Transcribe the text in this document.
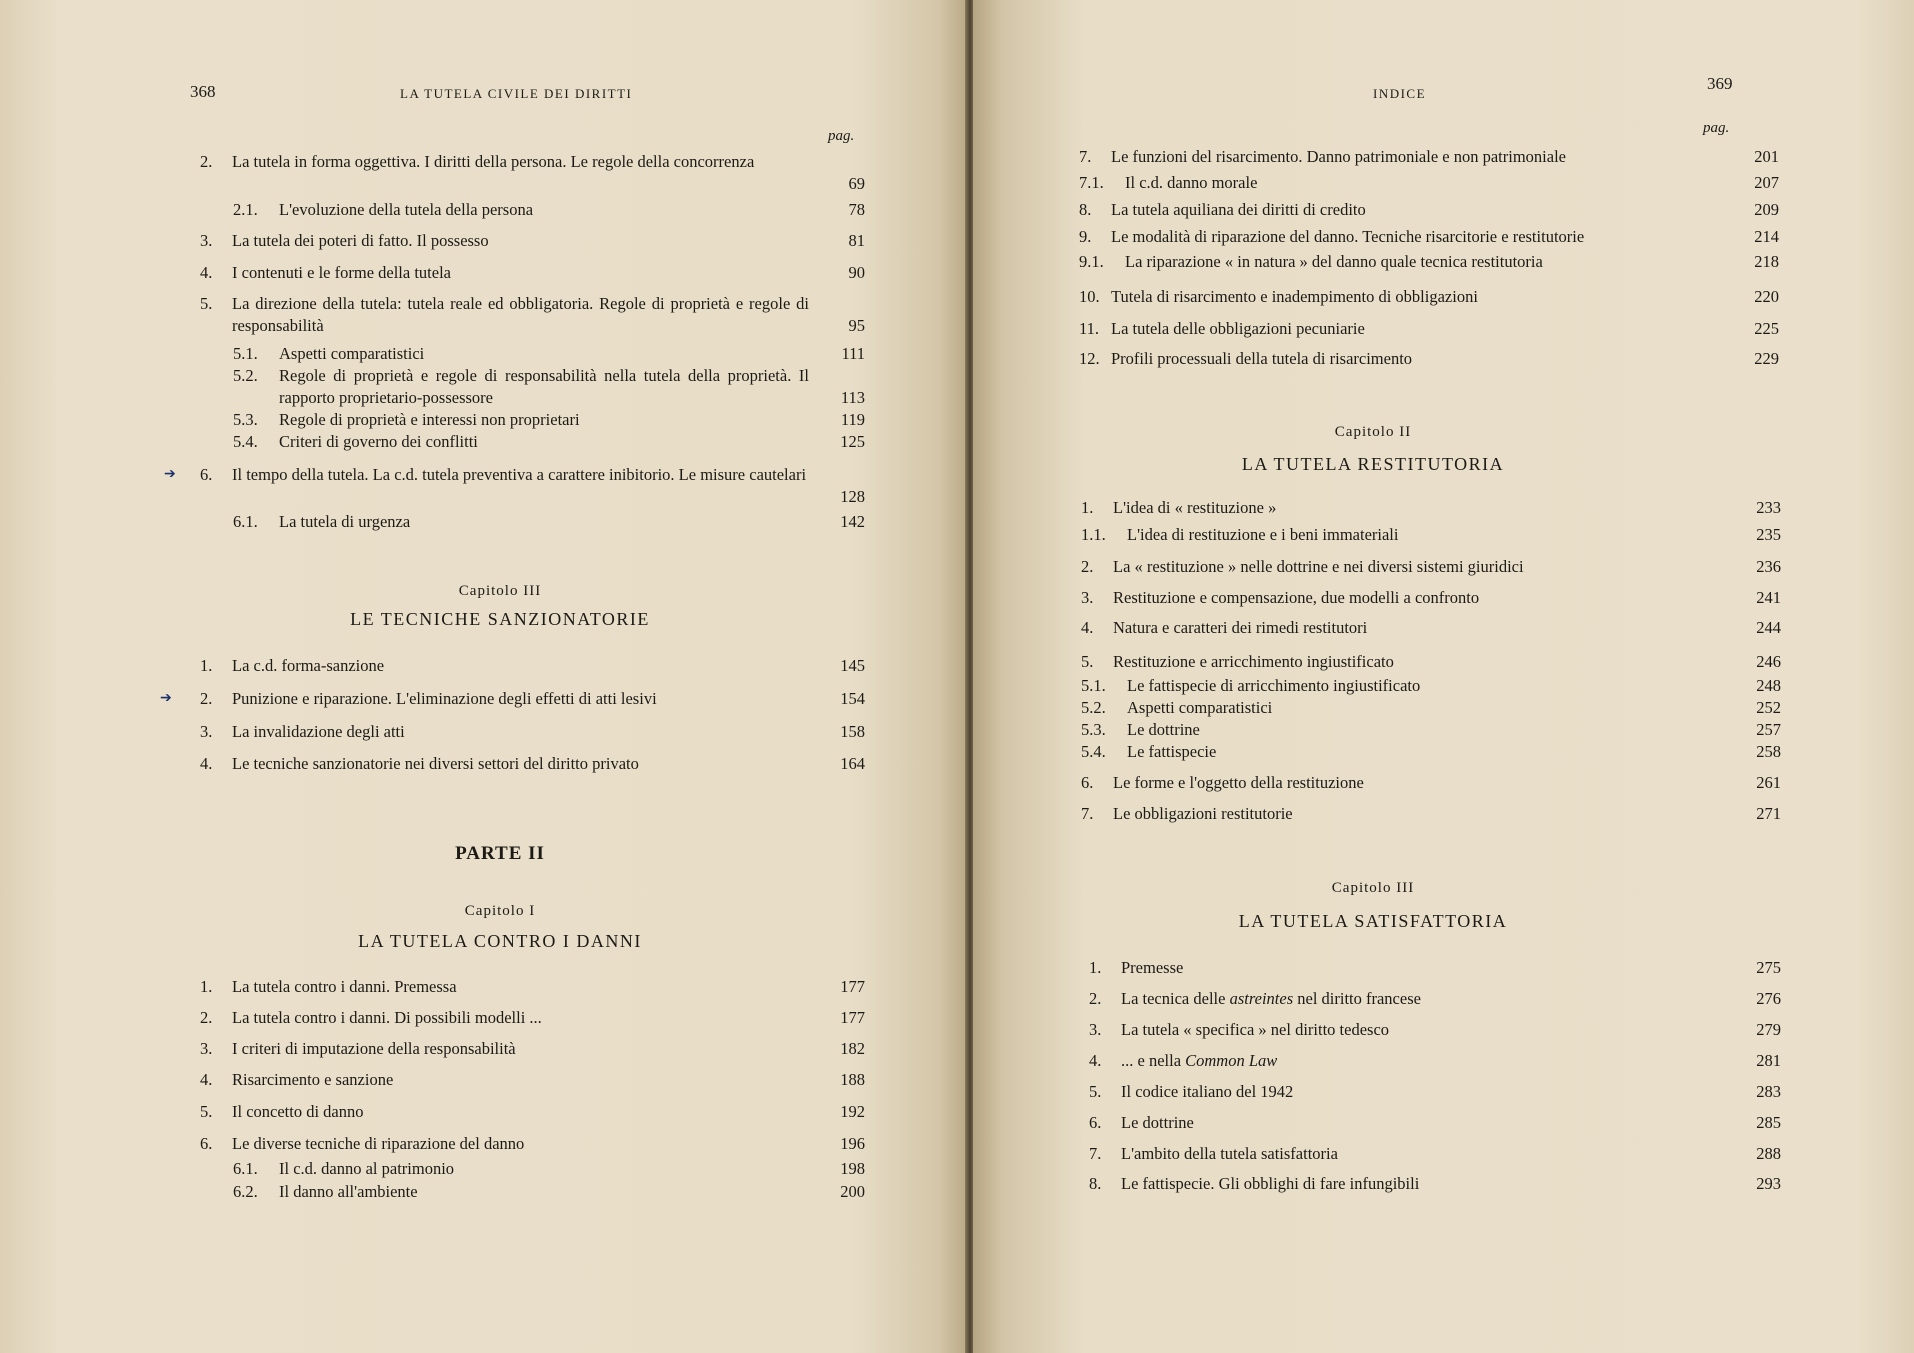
368	LA TUTELA CIVILE DEI DIRITTI
pag.
2. La tutela in forma oggettiva. I diritti della persona. Le regole della concorrenza
69
2.1. L'evoluzione della tutela della persona	78
3. La tutela dei poteri di fatto. Il possesso	81
4. I contenuti e le forme della tutela	90
5. La direzione della tutela: tutela reale ed obbligatoria. Regole di proprietà e regole di responsabilità	95
5.1. Aspetti comparatistici	111
5.2. Regole di proprietà e regole di responsabilità nella tutela della proprietà. Il rapporto proprietario-possessore	113
5.3. Regole di proprietà e interessi non proprietari	119
5.4. Criteri di governo dei conflitti	125
6. Il tempo della tutela. La c.d. tutela preventiva a carattere inibitorio. Le misure cautelari
128
6.1. La tutela di urgenza	142
Capitolo III
LE TECNICHE SANZIONATORIE
1. La c.d. forma-sanzione	145
2. Punizione e riparazione. L'eliminazione degli effetti di atti lesivi	154
3. La invalidazione degli atti	158
4. Le tecniche sanzionatorie nei diversi settori del diritto privato	164
PARTE II
Capitolo I
LA TUTELA CONTRO I DANNI
1. La tutela contro i danni. Premessa	177
2. La tutela contro i danni. Di possibili modelli ...	177
3. I criteri di imputazione della responsabilità	182
4. Risarcimento e sanzione	188
5. Il concetto di danno	192
6. Le diverse tecniche di riparazione del danno	196
6.1. Il c.d. danno al patrimonio	198
6.2. Il danno all'ambiente	200
➔
➔
INDICE
369
pag.
7. Le funzioni del risarcimento. Danno patrimoniale e non patrimoniale	201
7.1. Il c.d. danno morale	207
8. La tutela aquiliana dei diritti di credito	209
9. Le modalità di riparazione del danno. Tecniche risarcitorie e restitutorie	214
9.1. La riparazione « in natura » del danno quale tecnica restitutoria	218
10. Tutela di risarcimento e inadempimento di obbligazioni	220
11. La tutela delle obbligazioni pecuniarie	225
12. Profili processuali della tutela di risarcimento	229
Capitolo II
LA TUTELA RESTITUTORIA
1. L'idea di « restituzione »	233
1.1. L'idea di restituzione e i beni immateriali	235
2. La « restituzione » nelle dottrine e nei diversi sistemi giuridici	236
3. Restituzione e compensazione, due modelli a confronto	241
4. Natura e caratteri dei rimedi restitutori	244
5. Restituzione e arricchimento ingiustificato	246
5.1. Le fattispecie di arricchimento ingiustificato	248
5.2. Aspetti comparatistici	252
5.3. Le dottrine	257
5.4. Le fattispecie	258
6. Le forme e l'oggetto della restituzione	261
7. Le obbligazioni restitutorie	271
Capitolo III
LA TUTELA SATISFATTORIA
1. Premesse	275
2. La tecnica delle astreintes nel diritto francese	276
3. La tutela « specifica » nel diritto tedesco	279
4. ... e nella Common Law	281
5. Il codice italiano del 1942	283
6. Le dottrine	285
7. L'ambito della tutela satisfattoria	288
8. Le fattispecie. Gli obblighi di fare infungibili	293
